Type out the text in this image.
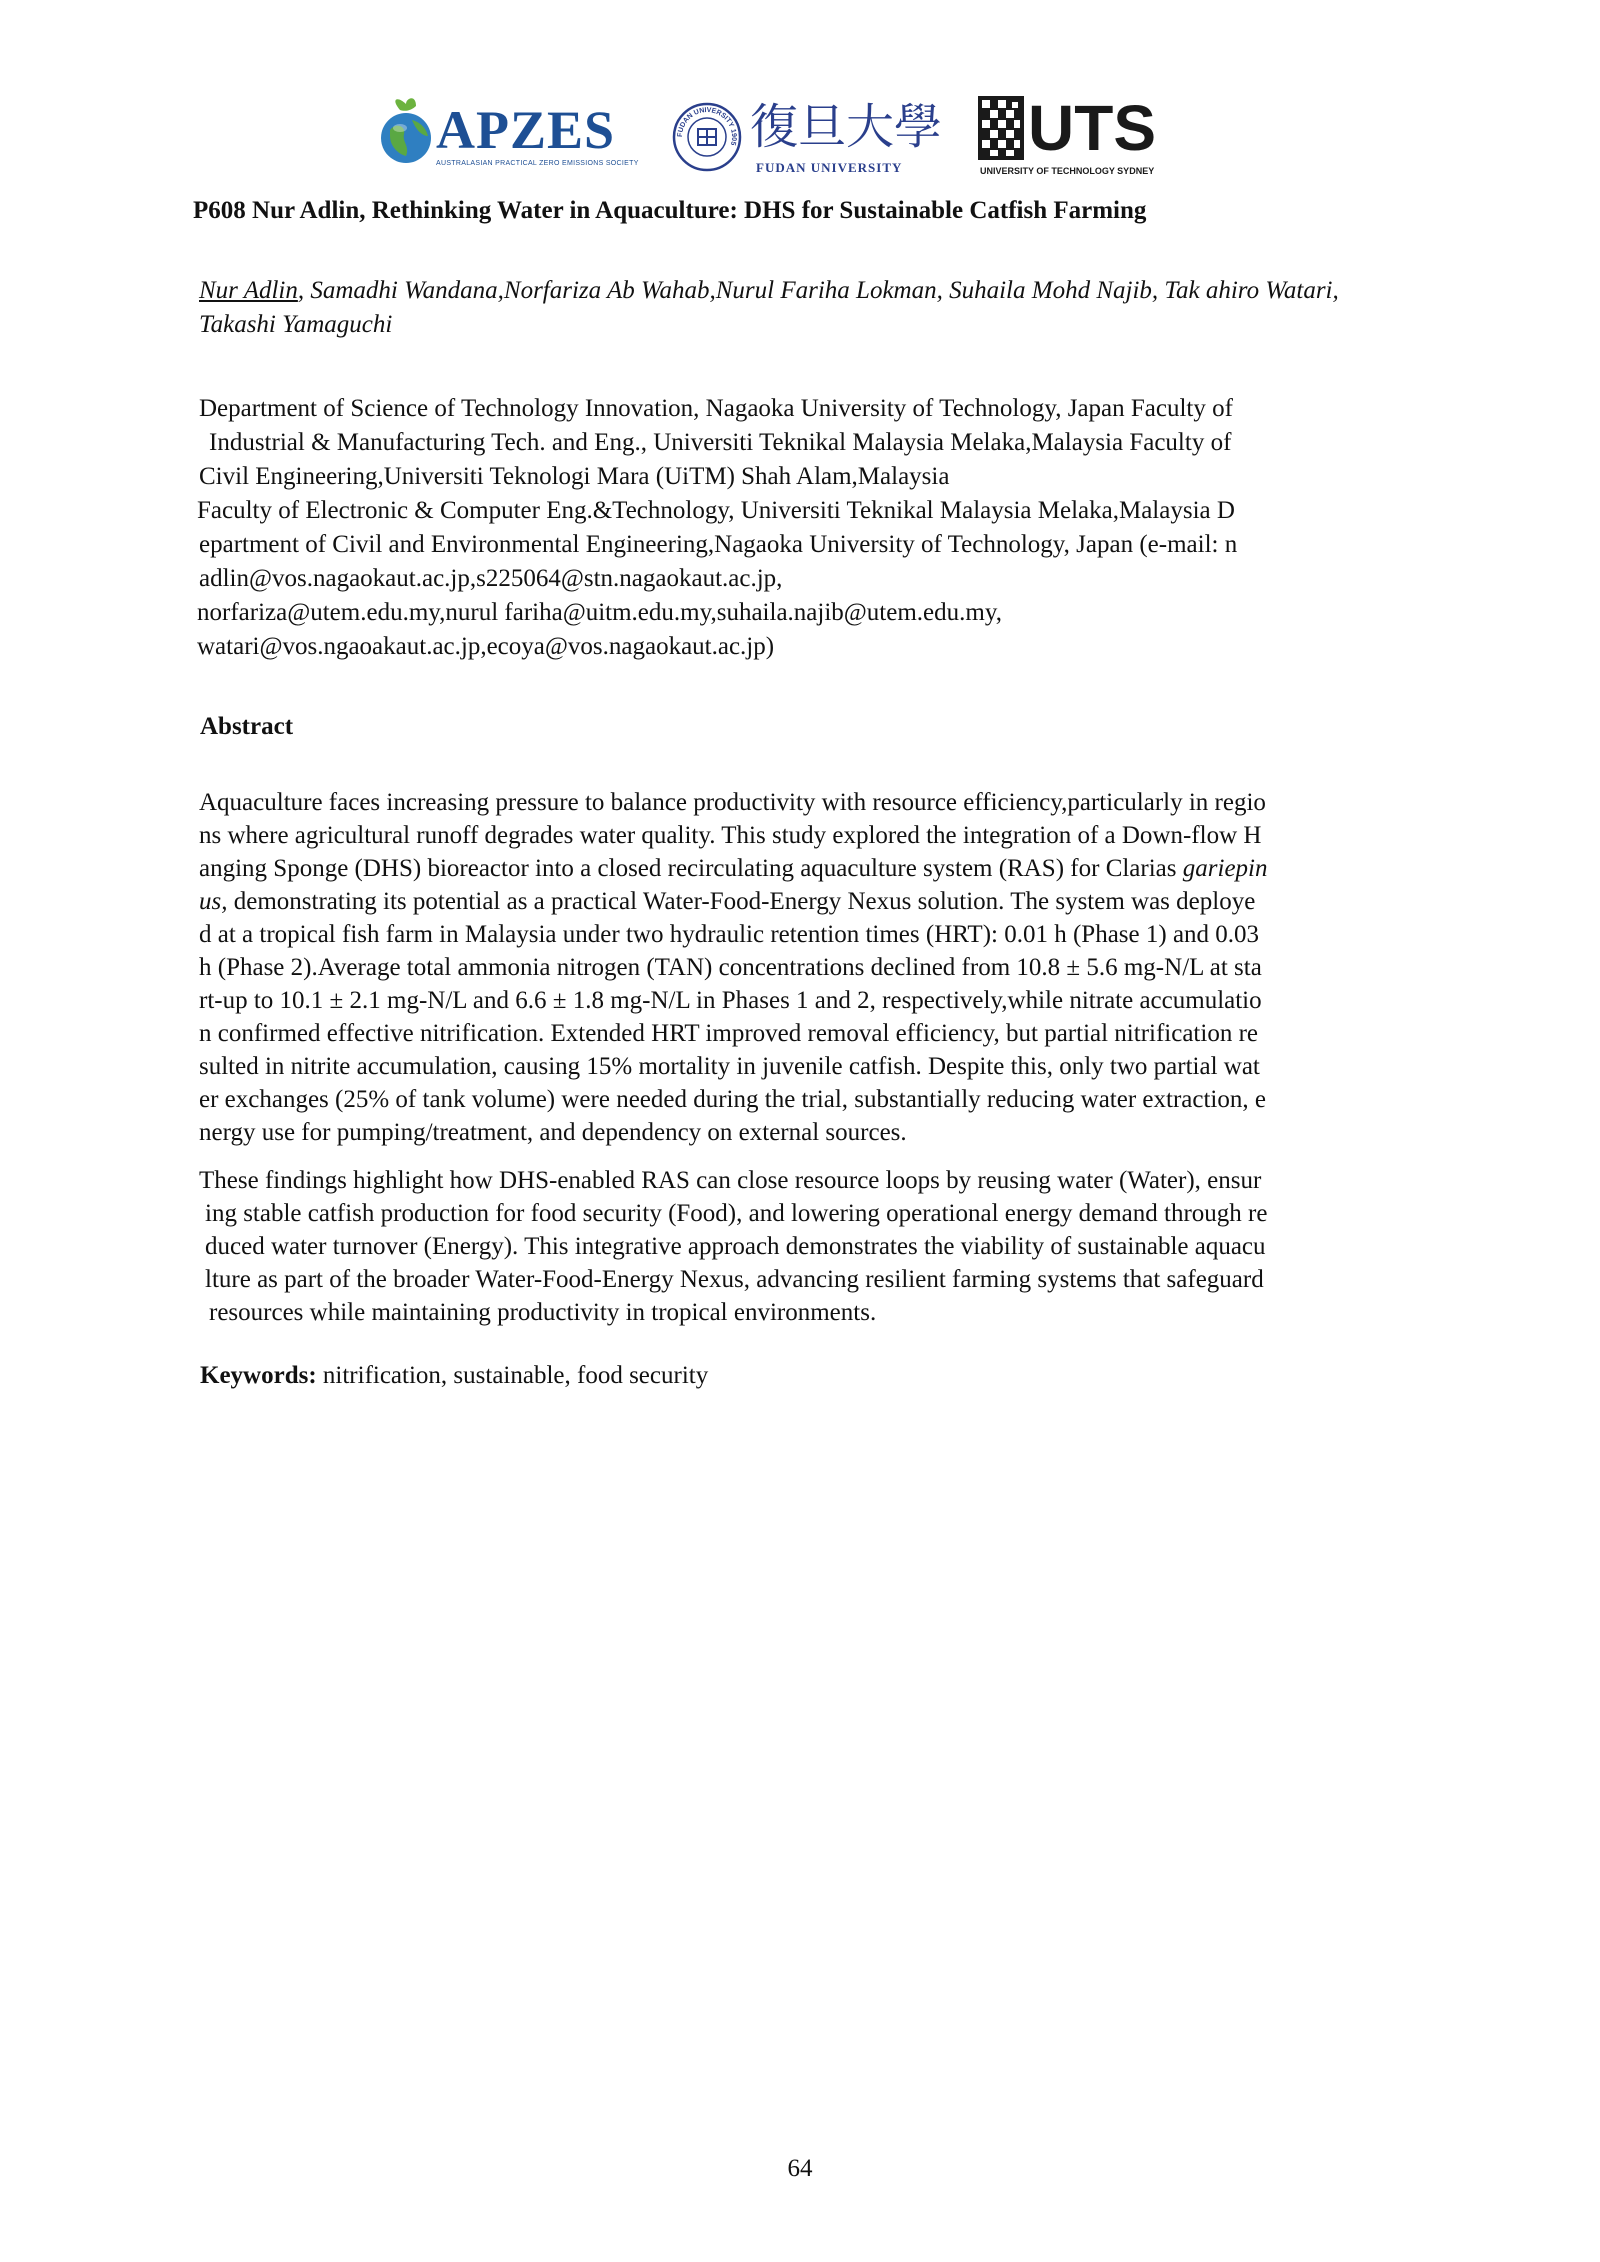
APZES
AUSTRALASIAN PRACTICAL ZERO EMISSIONS SOCIETY
FUDAN UNIVERSITY 1905 復旦大學
FUDAN UNIVERSITY
UTS
UNIVERSITY OF TECHNOLOGY SYDNEY
P608 Nur Adlin, Rethinking Water in Aquaculture: DHS for Sustainable Catfish Farming

Nur Adlin, Samadhi Wandana,Norfariza Ab Wahab,Nurul Fariha Lokman, Suhaila Mohd Najib, Tak ahiro Watari, Takashi Yamaguchi

Department of Science of Technology Innovation, Nagaoka University of Technology, Japan Faculty of
Industrial & Manufacturing Tech. and Eng., Universiti Teknikal Malaysia Melaka,Malaysia Faculty of
Civil Engineering,Universiti Teknologi Mara (UiTM) Shah Alam,Malaysia
Faculty of Electronic & Computer Eng.&Technology, Universiti Teknikal Malaysia Melaka,Malaysia D
epartment of Civil and Environmental Engineering,Nagaoka University of Technology, Japan (e-mail: n
adlin@vos.nagaokaut.ac.jp,s225064@stn.nagaokaut.ac.jp,
norfariza@utem.edu.my,nurul fariha@uitm.edu.my,suhaila.najib@utem.edu.my,
watari@vos.ngaoakaut.ac.jp,ecoya@vos.nagaokaut.ac.jp)

Abstract

Aquaculture faces increasing pressure to balance productivity with resource efficiency,particularly in regio
ns where agricultural runoff degrades water quality. This study explored the integration of a Down-flow H
anging Sponge (DHS) bioreactor into a closed recirculating aquaculture system (RAS) for Clarias gariepin
us, demonstrating its potential as a practical Water-Food-Energy Nexus solution. The system was deploye
d at a tropical fish farm in Malaysia under two hydraulic retention times (HRT): 0.01 h (Phase 1) and 0.03
h (Phase 2).Average total ammonia nitrogen (TAN) concentrations declined from 10.8 ± 5.6 mg-N/L at sta
rt-up to 10.1 ± 2.1 mg-N/L and 6.6 ± 1.8 mg-N/L in Phases 1 and 2, respectively,while nitrate accumulatio
n confirmed effective nitrification. Extended HRT improved removal efficiency, but partial nitrification re
sulted in nitrite accumulation, causing 15% mortality in juvenile catfish. Despite this, only two partial wat
er exchanges (25% of tank volume) were needed during the trial, substantially reducing water extraction, e
nergy use for pumping/treatment, and dependency on external sources.

These findings highlight how DHS-enabled RAS can close resource loops by reusing water (Water), ensur
ing stable catfish production for food security (Food), and lowering operational energy demand through re
duced water turnover (Energy). This integrative approach demonstrates the viability of sustainable aquacu
lture as part of the broader Water-Food-Energy Nexus, advancing resilient farming systems that safeguard
resources while maintaining productivity in tropical environments.

Keywords: nitrification, sustainable, food security

64
